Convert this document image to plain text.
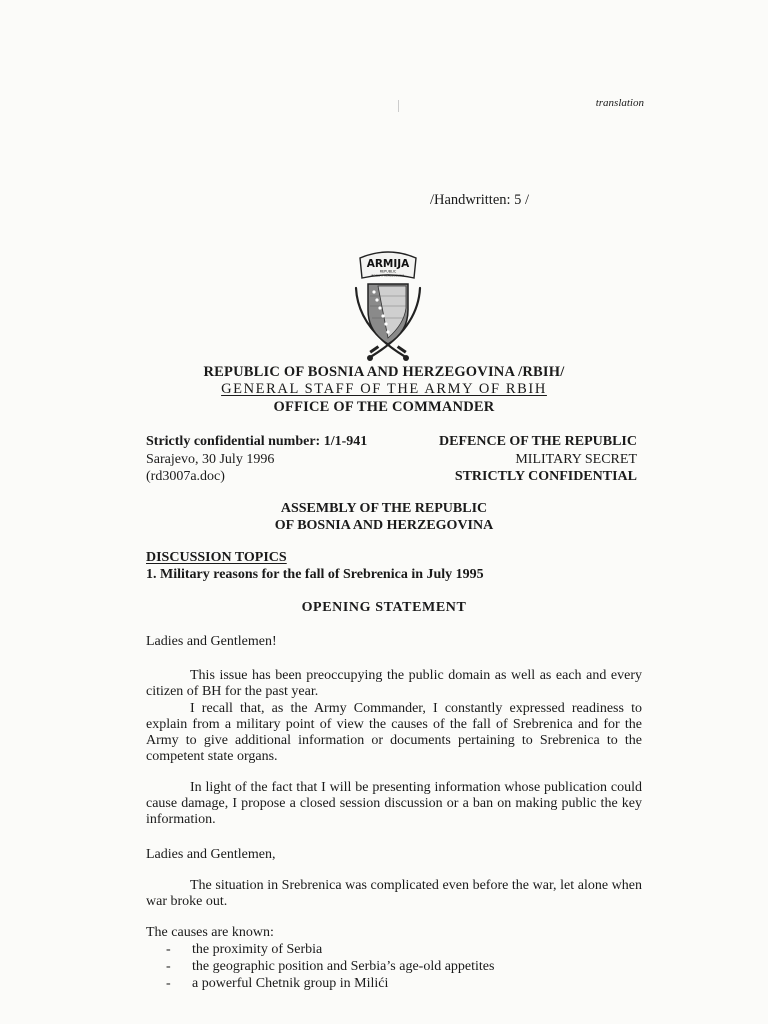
translation
/Handwritten: 5 /
ARMIJA
REPUBLIC
BOSNA I HERCEGOVINA
REPUBLIC OF BOSNIA AND HERZEGOVINA /RBIH/
GENERAL STAFF OF THE ARMY OF RBIH
OFFICE OF THE COMMANDER
Strictly confidential number: 1/1-941
Sarajevo, 30 July 1996
(rd3007a.doc)
DEFENCE OF THE REPUBLIC
MILITARY SECRET
STRICTLY CONFIDENTIAL
ASSEMBLY OF THE REPUBLIC
OF BOSNIA AND HERZEGOVINA
DISCUSSION TOPICS
1. Military reasons for the fall of Srebrenica in July 1995
OPENING STATEMENT
Ladies and Gentlemen!
This issue has been preoccupying the public domain as well as each and every citizen of BH for the past year.
I recall that, as the Army Commander, I constantly expressed readiness to explain from a military point of view the causes of the fall of Srebrenica and for the Army to give additional information or documents pertaining to Srebrenica to the competent state organs.
In light of the fact that I will be presenting information whose publication could cause damage, I propose a closed session discussion or a ban on making public the key information.
Ladies and Gentlemen,
The situation in Srebrenica was complicated even before the war, let alone when war broke out.
The causes are known:
- the proximity of Serbia
- the geographic position and Serbia’s age-old appetites
- a powerful Chetnik group in Milići
